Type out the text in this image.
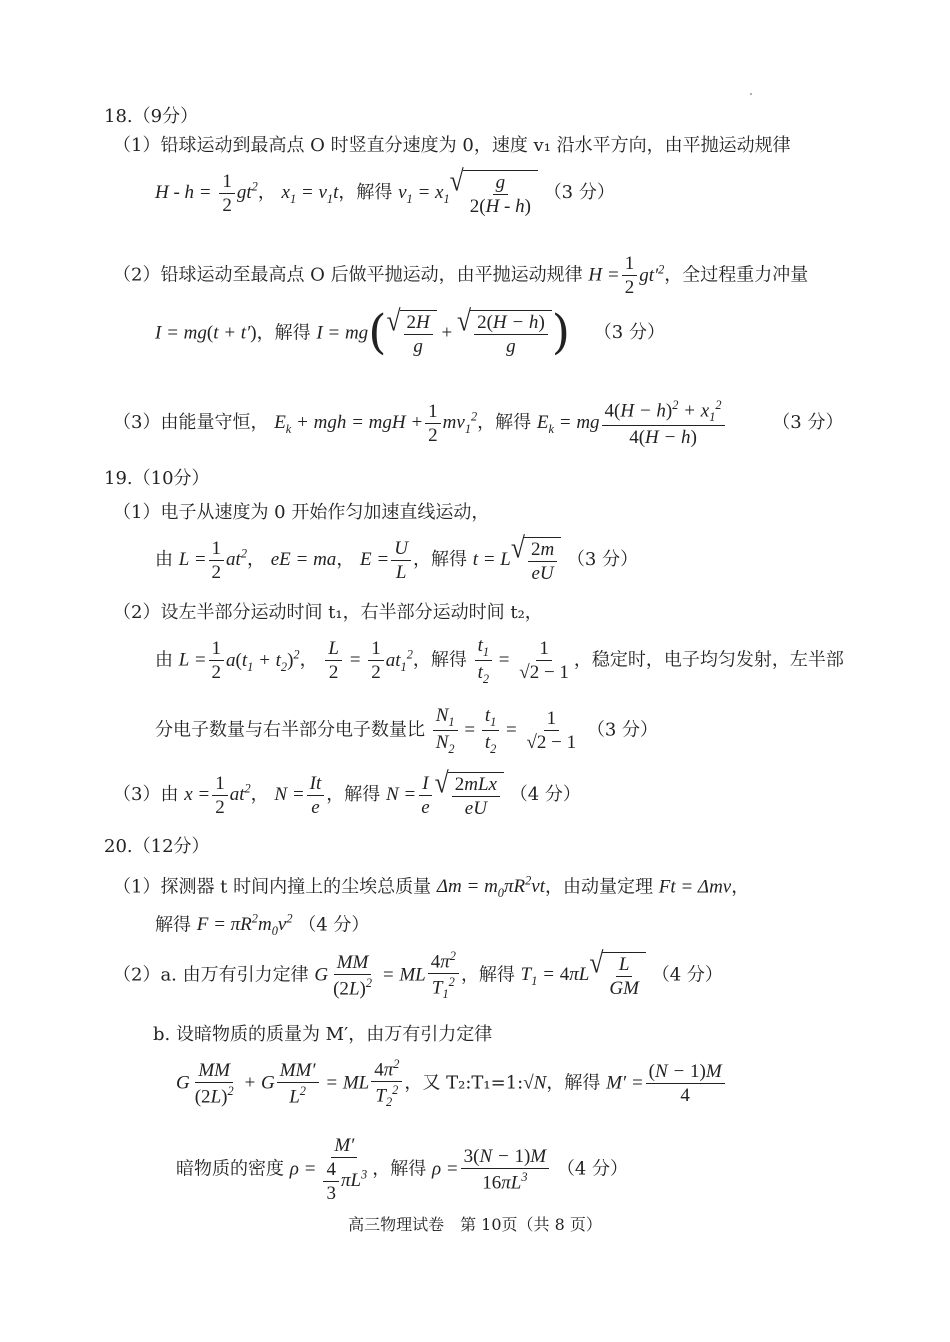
18.（9分）
（1）铅球运动到最高点 O 时竖直分速度为 0，速度 v₁ 沿水平方向，由平抛运动规律
$H - h = \frac{1}{2} gt^2$， $x_1 = v_1t$，解得 $v_1 = x_1$
√ $\frac{g}{2(H - h)} (3$ 分）
（2）铅球运动至最高点 O 后做平抛运动，由平抛运动规律 $H = \frac{1}{2} gt'^2$，全过程重力冲量
I = mg(t + t′)，解得 I = mg( √ $\frac{2H}{g}$ + √ $\frac{2(H - h)}{g}$ ) （3 分）
（3）由能量守恒， $E_k$ + mgh = mgH + $\frac{1}{2} mv_1^2$，解得 $E_k$ = mg $\frac{4(H - h)^2 + x_1^2}{4(H - h)}$	（3 分）
19.（10分）
（1）电子从速度为 0 开始作匀加速直线运动，
由 $L = \frac{1}{2} at^2$， eE = ma， $E = \frac{U}{L}$ ，解得 t = L √ $\frac{2m}{eU} (3$ 分）
（2）设左半部分运动时间 t₁，右半部分运动时间 t₂，
由 $L = \frac{1}{2} a(t_1 + t_2)^2$， $\frac{L}{2} = \frac{1}{2} at_1^2$，解得 $\frac{t_1}{t_2} = \frac{1}{√2 - 1}$ ，稳定时，电子均匀发射，左半部
分电子数量与右半部分电子数量比 $\frac{N_1}{N_2} = \frac{t_1}{t_2} = \frac{1}{√2 - 1} (3$ 分）
（3）由 $x = \frac{1}{2} at^2$， $N = \frac{It}{e}$ ，解得 $N = \frac{I}{e}$ √ $\frac{\text{2mLx}}{eU} (4$ 分）
20.（12分）
（1）探测器 t 时间内撞上的尘埃总质量 $\Delta m = m_0\pi R^2vt$，由动量定理 Ft = Δmv，
解得 $F = \pi R^2m_0v^2$ （4 分）
（2）a. 由万有引力定律 G $\frac{MM}{(2L)^2}$ = ML $\frac{4\pi^2}{T_1^2}$ ，解得 $T_1 = 4\pi L$ √ $\frac{L}{GM} (4$ 分）
b. 设暗物质的质量为 M′，由万有引力定律
G $\frac{MM}{(2L)^2} + G \frac{MM'}{L^2}$ = ML $\frac{4\pi^2}{T_2^2}$ ，又 T₂:T₁=1:√N，解得 $M' = \frac{(N - 1)M}{4}$
暗物质的密度 $\rho = \frac{M'}{\frac{4}{3} \pi L^3}$ ，解得 $\rho = \frac{3(N - 1)M}{16\pi L^3} (4$ 分）
高三物理试卷　第 10页（共 8 页）
